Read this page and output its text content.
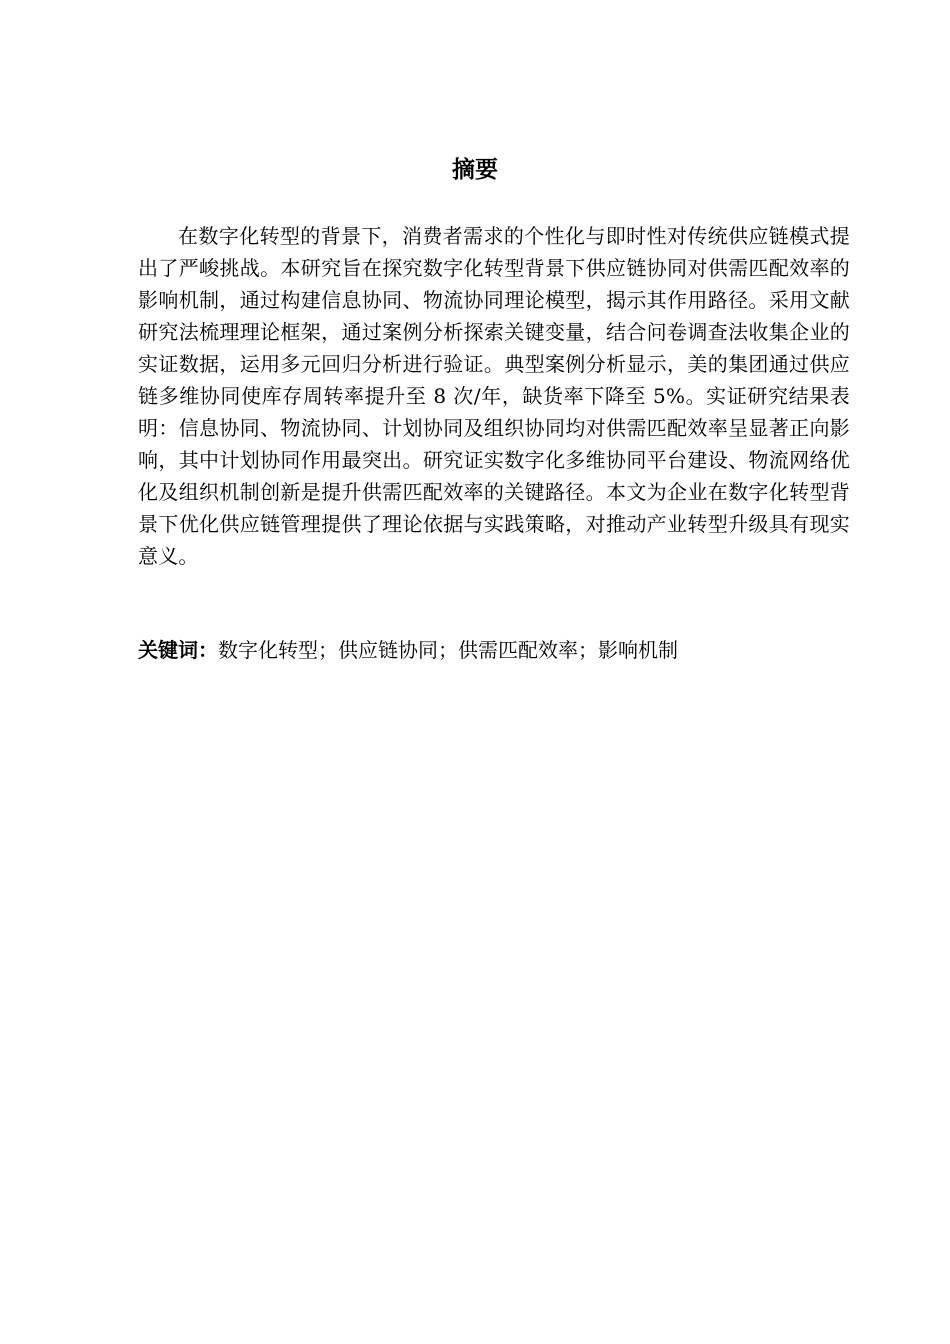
摘要

在数字化转型的背景下，消费者需求的个性化与即时性对传统供应链模式提出了严峻挑战。本研究旨在探究数字化转型背景下供应链协同对供需匹配效率的影响机制，通过构建信息协同、物流协同理论模型，揭示其作用路径。采用文献研究法梳理理论框架，通过案例分析探索关键变量，结合问卷调查法收集企业的实证数据，运用多元回归分析进行验证。典型案例分析显示，美的集团通过供应链多维协同使库存周转率提升至 8 次/年，缺货率下降至 5%。实证研究结果表明：信息协同、物流协同、计划协同及组织协同均对供需匹配效率呈显著正向影响，其中计划协同作用最突出。研究证实数字化多维协同平台建设、物流网络优化及组织机制创新是提升供需匹配效率的关键路径。本文为企业在数字化转型背景下优化供应链管理提供了理论依据与实践策略，对推动产业转型升级具有现实意义。

关键词：数字化转型；供应链协同；供需匹配效率；影响机制
